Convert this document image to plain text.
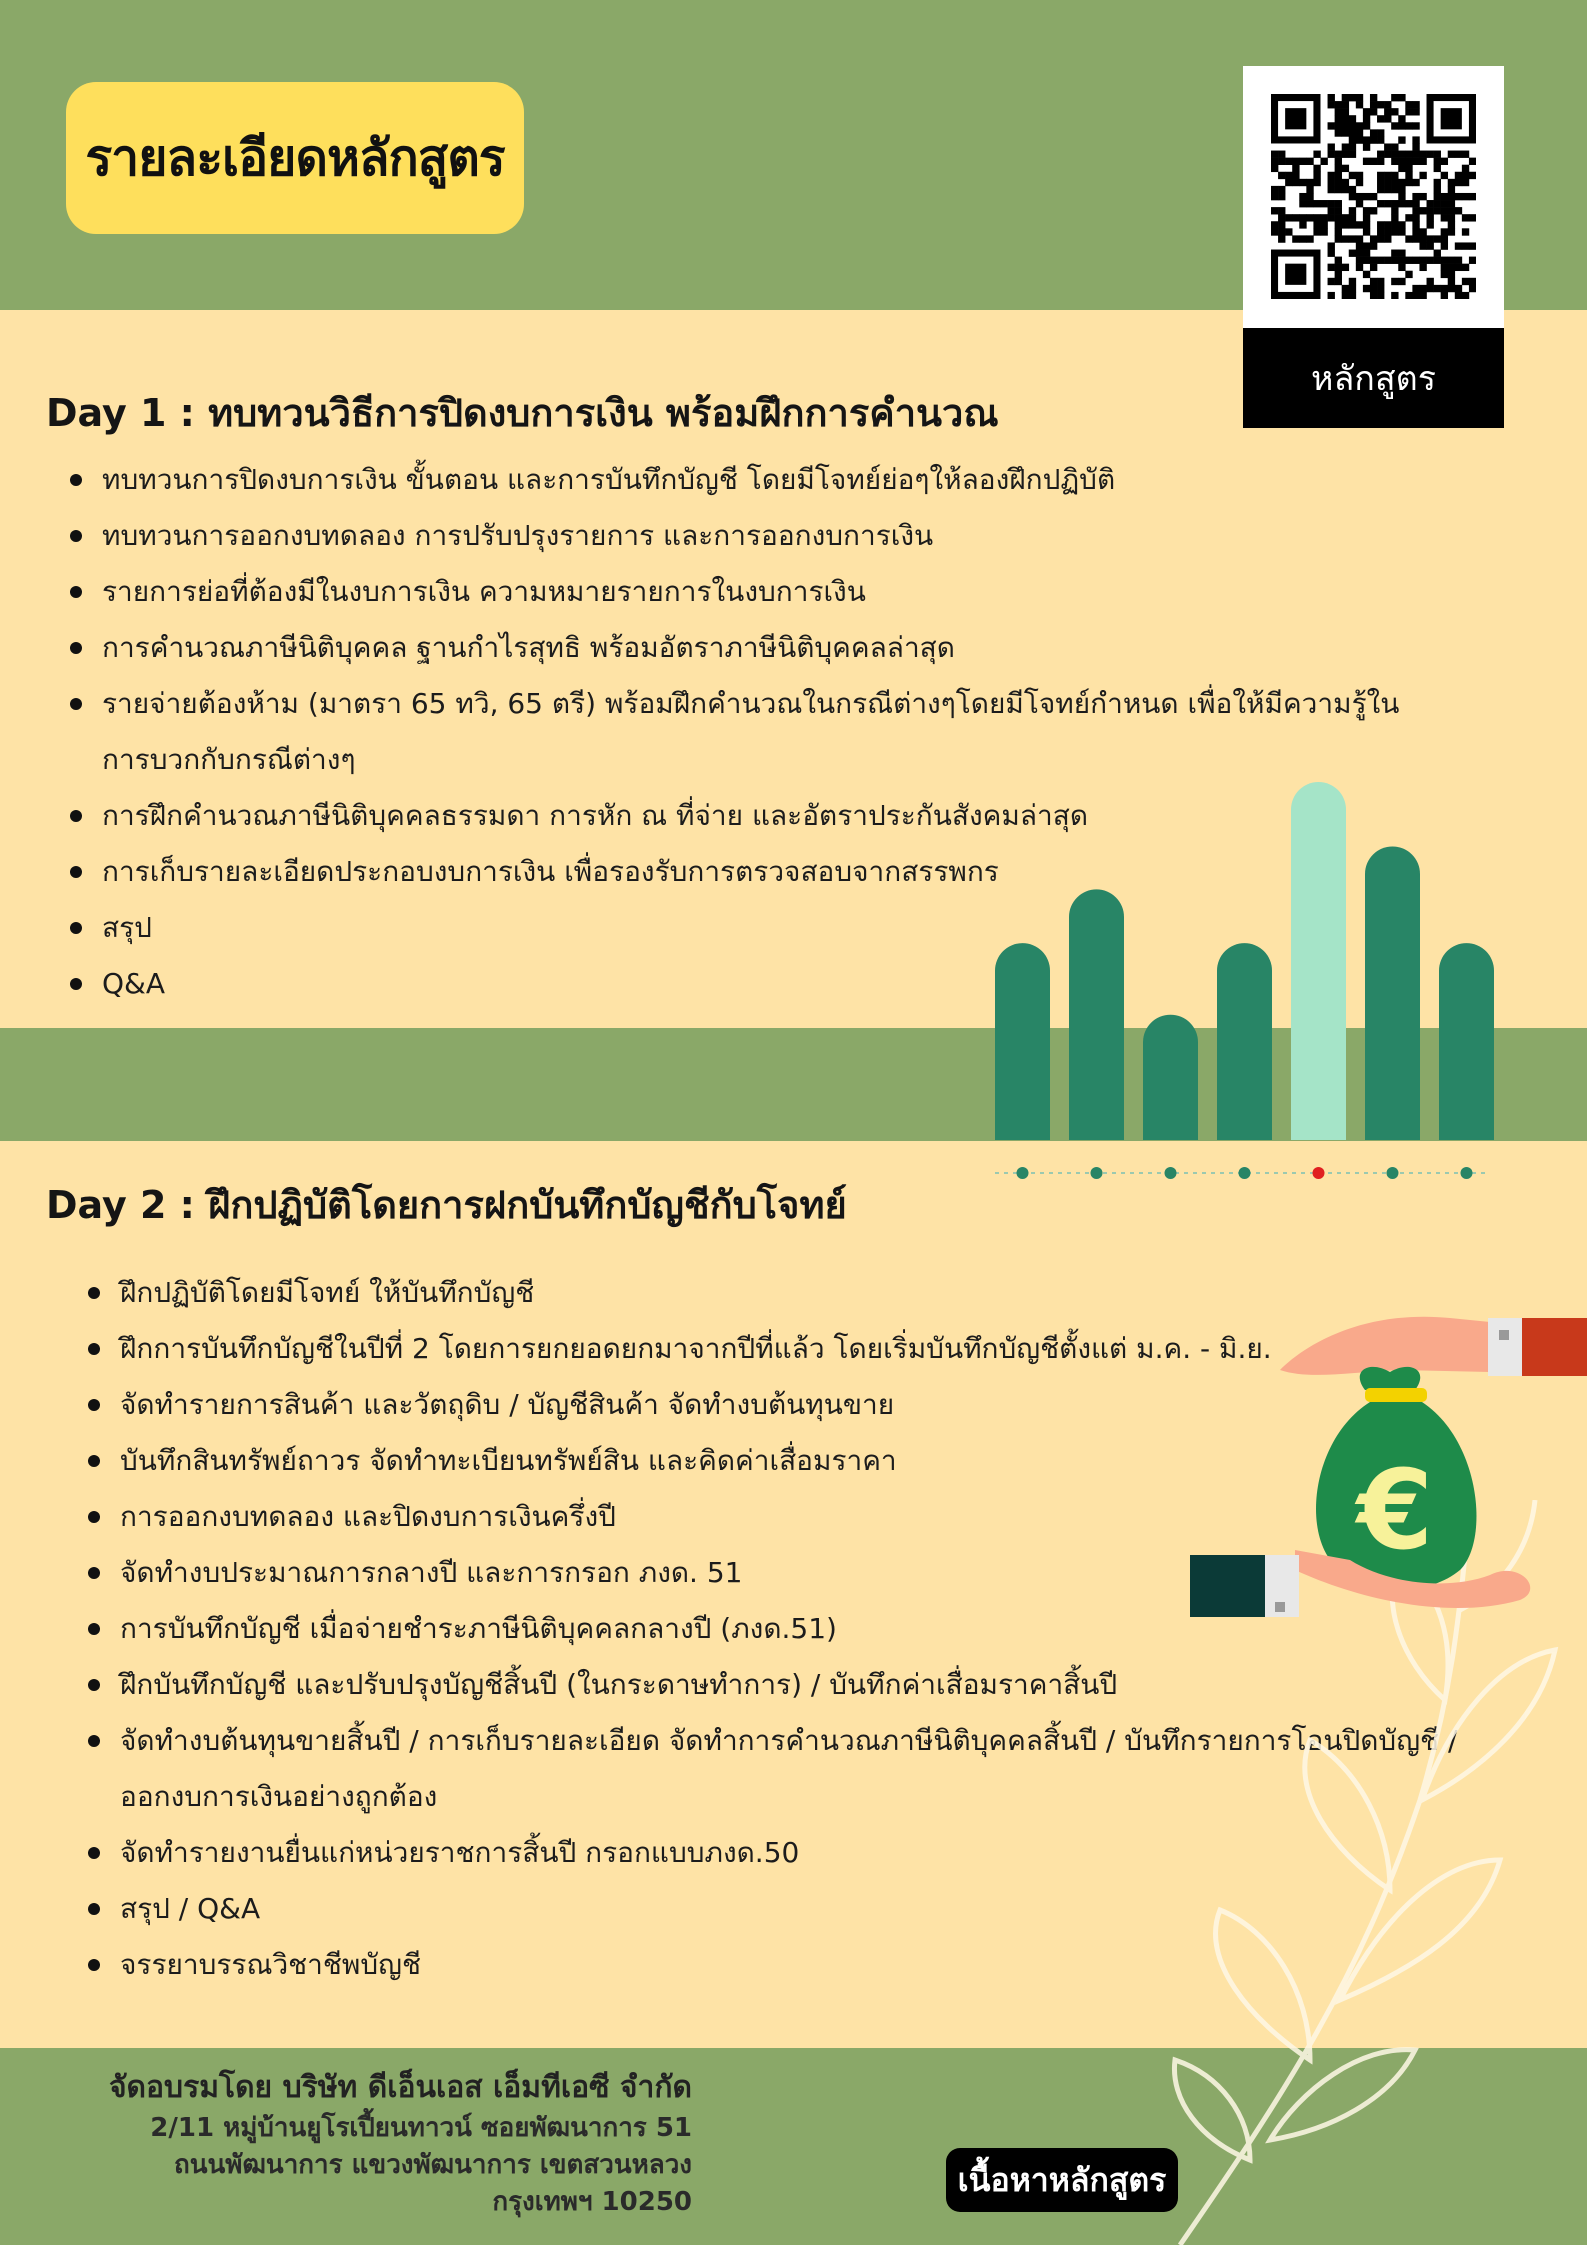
รายละเอียดหลักสูตร
หลักสูตร
Day 1 : ทบทวนวิธีการปิดงบการเงิน พร้อมฝึกการคำนวณ
ทบทวนการปิดงบการเงิน ขั้นตอน และการบันทึกบัญชี โดยมีโจทย์ย่อๆให้ลองฝึกปฏิบัติ
ทบทวนการออกงบทดลอง การปรับปรุงรายการ และการออกงบการเงิน
รายการย่อที่ต้องมีในงบการเงิน ความหมายรายการในงบการเงิน
การคำนวณภาษีนิติบุคคล ฐานกำไรสุทธิ พร้อมอัตราภาษีนิติบุคคลล่าสุด
รายจ่ายต้องห้าม (มาตรา 65 ทวิ, 65 ตรี) พร้อมฝึกคำนวณในกรณีต่างๆโดยมีโจทย์กำหนด เพื่อให้มีความรู้ในการบวกกับกรณีต่างๆ
การฝึกคำนวณภาษีนิติบุคคลธรรมดา การหัก ณ ที่จ่าย และอัตราประกันสังคมล่าสุด
การเก็บรายละเอียดประกอบงบการเงิน เพื่อรองรับการตรวจสอบจากสรรพกร
สรุป
Q&A
Day 2 : ฝึกปฏิบัติโดยการฝกบันทึกบัญชีกับโจทย์
ฝึกปฏิบัติโดยมีโจทย์ ให้บันทึกบัญชี
ฝึกการบันทึกบัญชีในปีที่ 2 โดยการยกยอดยกมาจากปีที่แล้ว โดยเริ่มบันทึกบัญชีตั้งแต่ ม.ค. - มิ.ย.
จัดทำรายการสินค้า และวัตถุดิบ / บัญชีสินค้า จัดทำงบต้นทุนขาย
บันทึกสินทรัพย์ถาวร จัดทำทะเบียนทรัพย์สิน และคิดค่าเสื่อมราคา
การออกงบทดลอง และปิดงบการเงินครึ่งปี
จัดทำงบประมาณการกลางปี และการกรอก ภงด. 51
การบันทึกบัญชี เมื่อจ่ายชำระภาษีนิติบุคคลกลางปี (ภงด.51)
ฝึกบันทึกบัญชี และปรับปรุงบัญชีสิ้นปี (ในกระดาษทำการ) / บันทึกค่าเสื่อมราคาสิ้นปี
จัดทำงบต้นทุนขายสิ้นปี / การเก็บรายละเอียด จัดทำการคำนวณภาษีนิติบุคคลสิ้นปี / บันทึกรายการโอนปิดบัญชี / ออกงบการเงินอย่างถูกต้อง
จัดทำรายงานยื่นแก่หน่วยราชการสิ้นปี กรอกแบบภงด.50
สรุป / Q&A
จรรยาบรรณวิชาชีพบัญชี
€
จัดอบรมโดย บริษัท ดีเอ็นเอส เอ็มทีเอซี จำกัด
2/11 หมู่บ้านยูโรเปี้ยนทาวน์ ซอยพัฒนาการ 51
ถนนพัฒนาการ แขวงพัฒนาการ เขตสวนหลวง
กรุงเทพฯ 10250
เนื้อหาหลักสูตร
